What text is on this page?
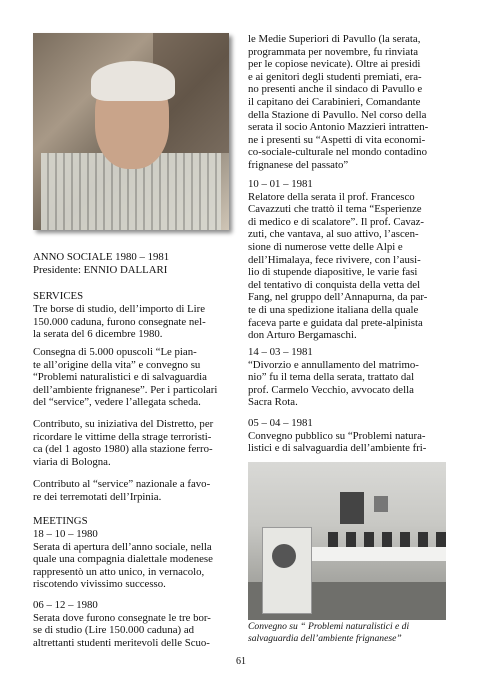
ANNO SOCIALE 1980 – 1981
Presidente: ENNIO DALLARI

SERVICES

Tre borse di studio, dell’importo di Lire
150.000 caduna, furono consegnate nel-
la serata del 6 dicembre 1980.

Consegna di 5.000 opuscoli “Le pian-
te all’origine della vita” e convegno su
“Problemi naturalistici e di salvaguardia
dell’ambiente frignanese”. Per i particolari
del “service”, vedere l’allegata scheda.

Contributo, su iniziativa del Distretto, per
ricordare le vittime della strage terroristi-
ca (del 1 agosto 1980) alla stazione ferro-
viaria di Bologna.

Contributo al “service” nazionale a favo-
re dei terremotati dell’Irpinia.

MEETINGS

18 – 10 – 1980
Serata di apertura dell’anno sociale, nella
quale una compagnia dialettale modenese
rappresentò un atto unico, in vernacolo,
riscotendo vivissimo successo.

06 – 12 – 1980
Serata dove furono consegnate le tre bor-
se di studio (Lire 150.000 caduna) ad
altrettanti studenti meritevoli delle Scuo-

le Medie Superiori di Pavullo (la serata,
programmata per novembre, fu rinviata
per le copiose nevicate). Oltre ai presidi
e ai genitori degli studenti premiati, era-
no presenti anche il sindaco di Pavullo e
il capitano dei Carabinieri, Comandante
della Stazione di Pavullo. Nel corso della
serata il socio Antonio Mazzieri intratten-
ne i presenti su “Aspetti di vita economi-
co-sociale-culturale nel mondo contadino
frignanese del passato”

10 – 01 – 1981
Relatore della serata il prof. Francesco
Cavazzuti che trattò il tema “Esperienze
di medico e di scalatore”. Il prof. Cavaz-
zuti, che vantava, al suo attivo, l’ascen-
sione di numerose vette delle Alpi e
dell’Himalaya, fece rivivere, con l’ausi-
lio di stupende diapositive, le varie fasi
del tentativo di conquista della vetta del
Fang, nel gruppo dell’Annapurna, da par-
te di una spedizione italiana della quale
faceva parte e guidata dal prete-alpinista
don Arturo Bergamaschi.

14 – 03 – 1981
“Divorzio e annullamento del matrimo-
nio” fu il tema della serata, trattato dal
prof. Carmelo Vecchio, avvocato della
Sacra Rota.

05 – 04 – 1981
Convegno pubblico su “Problemi natura-
listici e di salvaguardia dell’ambiente fri-

Convegno su “ Problemi naturalistici e di
salvaguardia dell’ambiente frignanese”
61
